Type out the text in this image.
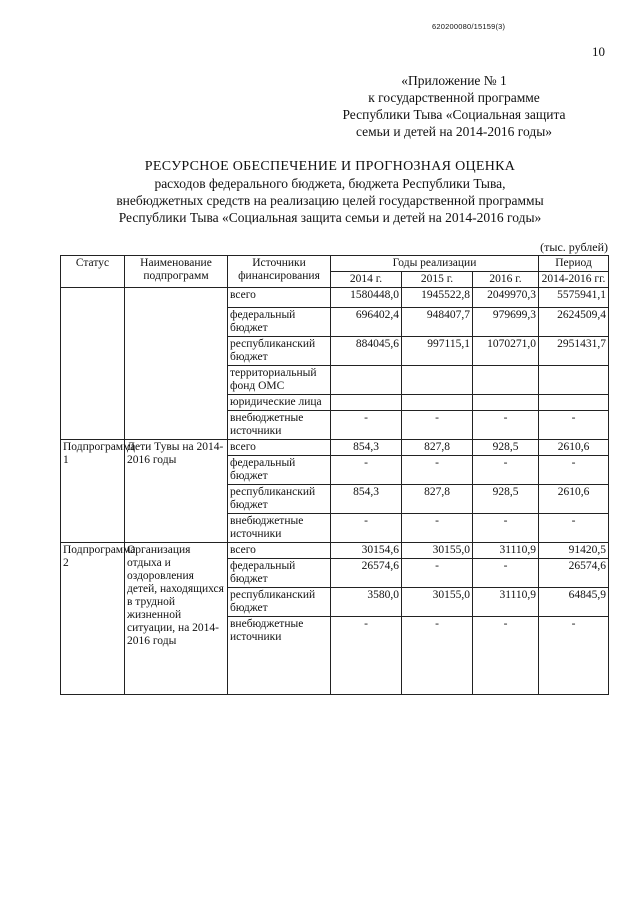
620200080/15159(3)
10
«Приложение № 1
к государственной программе
Республики Тыва «Социальная защита
семьи и детей на 2014-2016 годы»
РЕСУРСНОЕ ОБЕСПЕЧЕНИЕ И ПРОГНОЗНАЯ ОЦЕНКА
расходов федерального бюджета, бюджета Республики Тыва,
внебюджетных средств на реализацию целей государственной программы
Республики Тыва «Социальная защита семьи и детей на 2014-2016 годы»
(тыс. рублей)
Статус	Наименование подпрограмм	Источники финансирования	Годы реализации			Период
			2014 г.	2015 г.	2016 г.	2014-2016 гг.
		всего	1580448,0	1945522,8	2049970,3	5575941,1
		федеральный бюджет	696402,4	948407,7	979699,3	2624509,4
		республиканский бюджет	884045,6	997115,1	1070271,0	2951431,7
		территориальный фонд ОМС				
		юридические лица				
		внебюджетные источники	-	-	-	-
Подпрограмма 1	Дети Тувы на 2014-2016 годы	всего	854,3	827,8	928,5	2610,6
		федеральный бюджет	-	-	-	-
		республиканский бюджет	854,3	827,8	928,5	2610,6
		внебюджетные источники	-	-	-	-
Подпрограмма 2	Организация отдыха и оздоровления детей, находящихся в трудной жизненной ситуации, на 2014-2016 годы	всего	30154,6	30155,0	31110,9	91420,5
		федеральный бюджет	26574,6	-	-	26574,6
		республиканский бюджет	3580,0	30155,0	31110,9	64845,9
		внебюджетные источники	-	-	-	-
